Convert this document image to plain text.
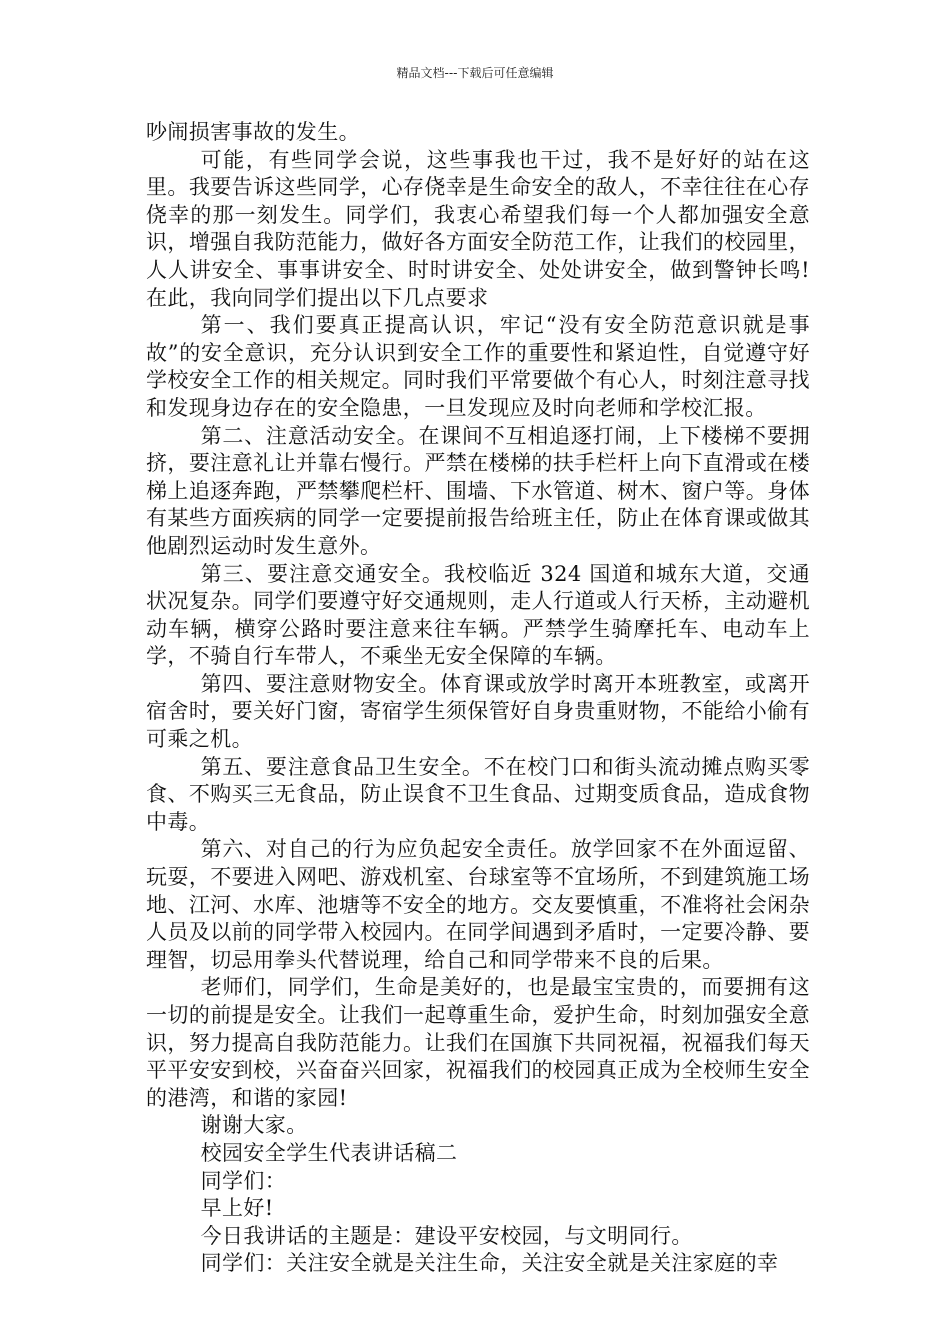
精品文档---下载后可任意编辑

吵闹损害事故的发生。

可能，有些同学会说，这些事我也干过，我不是好好的站在这里。我要告诉这些同学，心存侥幸是生命安全的敌人，不幸往往在心存侥幸的那一刻发生。同学们，我衷心希望我们每一个人都加强安全意识，增强自我防范能力，做好各方面安全防范工作，让我们的校园里，人人讲安全、事事讲安全、时时讲安全、处处讲安全，做到警钟长鸣!在此，我向同学们提出以下几点要求

第一、我们要真正提高认识，牢记“没有安全防范意识就是事故”的安全意识，充分认识到安全工作的重要性和紧迫性，自觉遵守好学校安全工作的相关规定。同时我们平常要做个有心人，时刻注意寻找和发现身边存在的安全隐患，一旦发现应及时向老师和学校汇报。

第二、注意活动安全。在课间不互相追逐打闹，上下楼梯不要拥挤，要注意礼让并靠右慢行。严禁在楼梯的扶手栏杆上向下直滑或在楼梯上追逐奔跑，严禁攀爬栏杆、围墙、下水管道、树木、窗户等。身体有某些方面疾病的同学一定要提前报告给班主任，防止在体育课或做其他剧烈运动时发生意外。

第三、要注意交通安全。我校临近 324 国道和城东大道，交通状况复杂。同学们要遵守好交通规则，走人行道或人行天桥，主动避机动车辆，横穿公路时要注意来往车辆。严禁学生骑摩托车、电动车上学，不骑自行车带人，不乘坐无安全保障的车辆。

第四、要注意财物安全。体育课或放学时离开本班教室，或离开宿舍时，要关好门窗，寄宿学生须保管好自身贵重财物，不能给小偷有可乘之机。

第五、要注意食品卫生安全。不在校门口和街头流动摊点购买零食、不购买三无食品，防止误食不卫生食品、过期变质食品，造成食物中毒。

第六、对自己的行为应负起安全责任。放学回家不在外面逗留、玩耍，不要进入网吧、游戏机室、台球室等不宜场所，不到建筑施工场地、江河、水库、池塘等不安全的地方。交友要慎重，不准将社会闲杂人员及以前的同学带入校园内。在同学间遇到矛盾时，一定要冷静、要理智，切忌用拳头代替说理，给自己和同学带来不良的后果。

老师们，同学们，生命是美好的，也是最宝宝贵的，而要拥有这一切的前提是安全。让我们一起尊重生命，爱护生命，时刻加强安全意识，努力提高自我防范能力。让我们在国旗下共同祝福，祝福我们每天平平安安到校，兴奋奋兴回家，祝福我们的校园真正成为全校师生安全的港湾，和谐的家园!

谢谢大家。

校园安全学生代表讲话稿二

同学们：

早上好!

今日我讲话的主题是：建设平安校园，与文明同行。

同学们：关注安全就是关注生命，关注安全就是关注家庭的幸
